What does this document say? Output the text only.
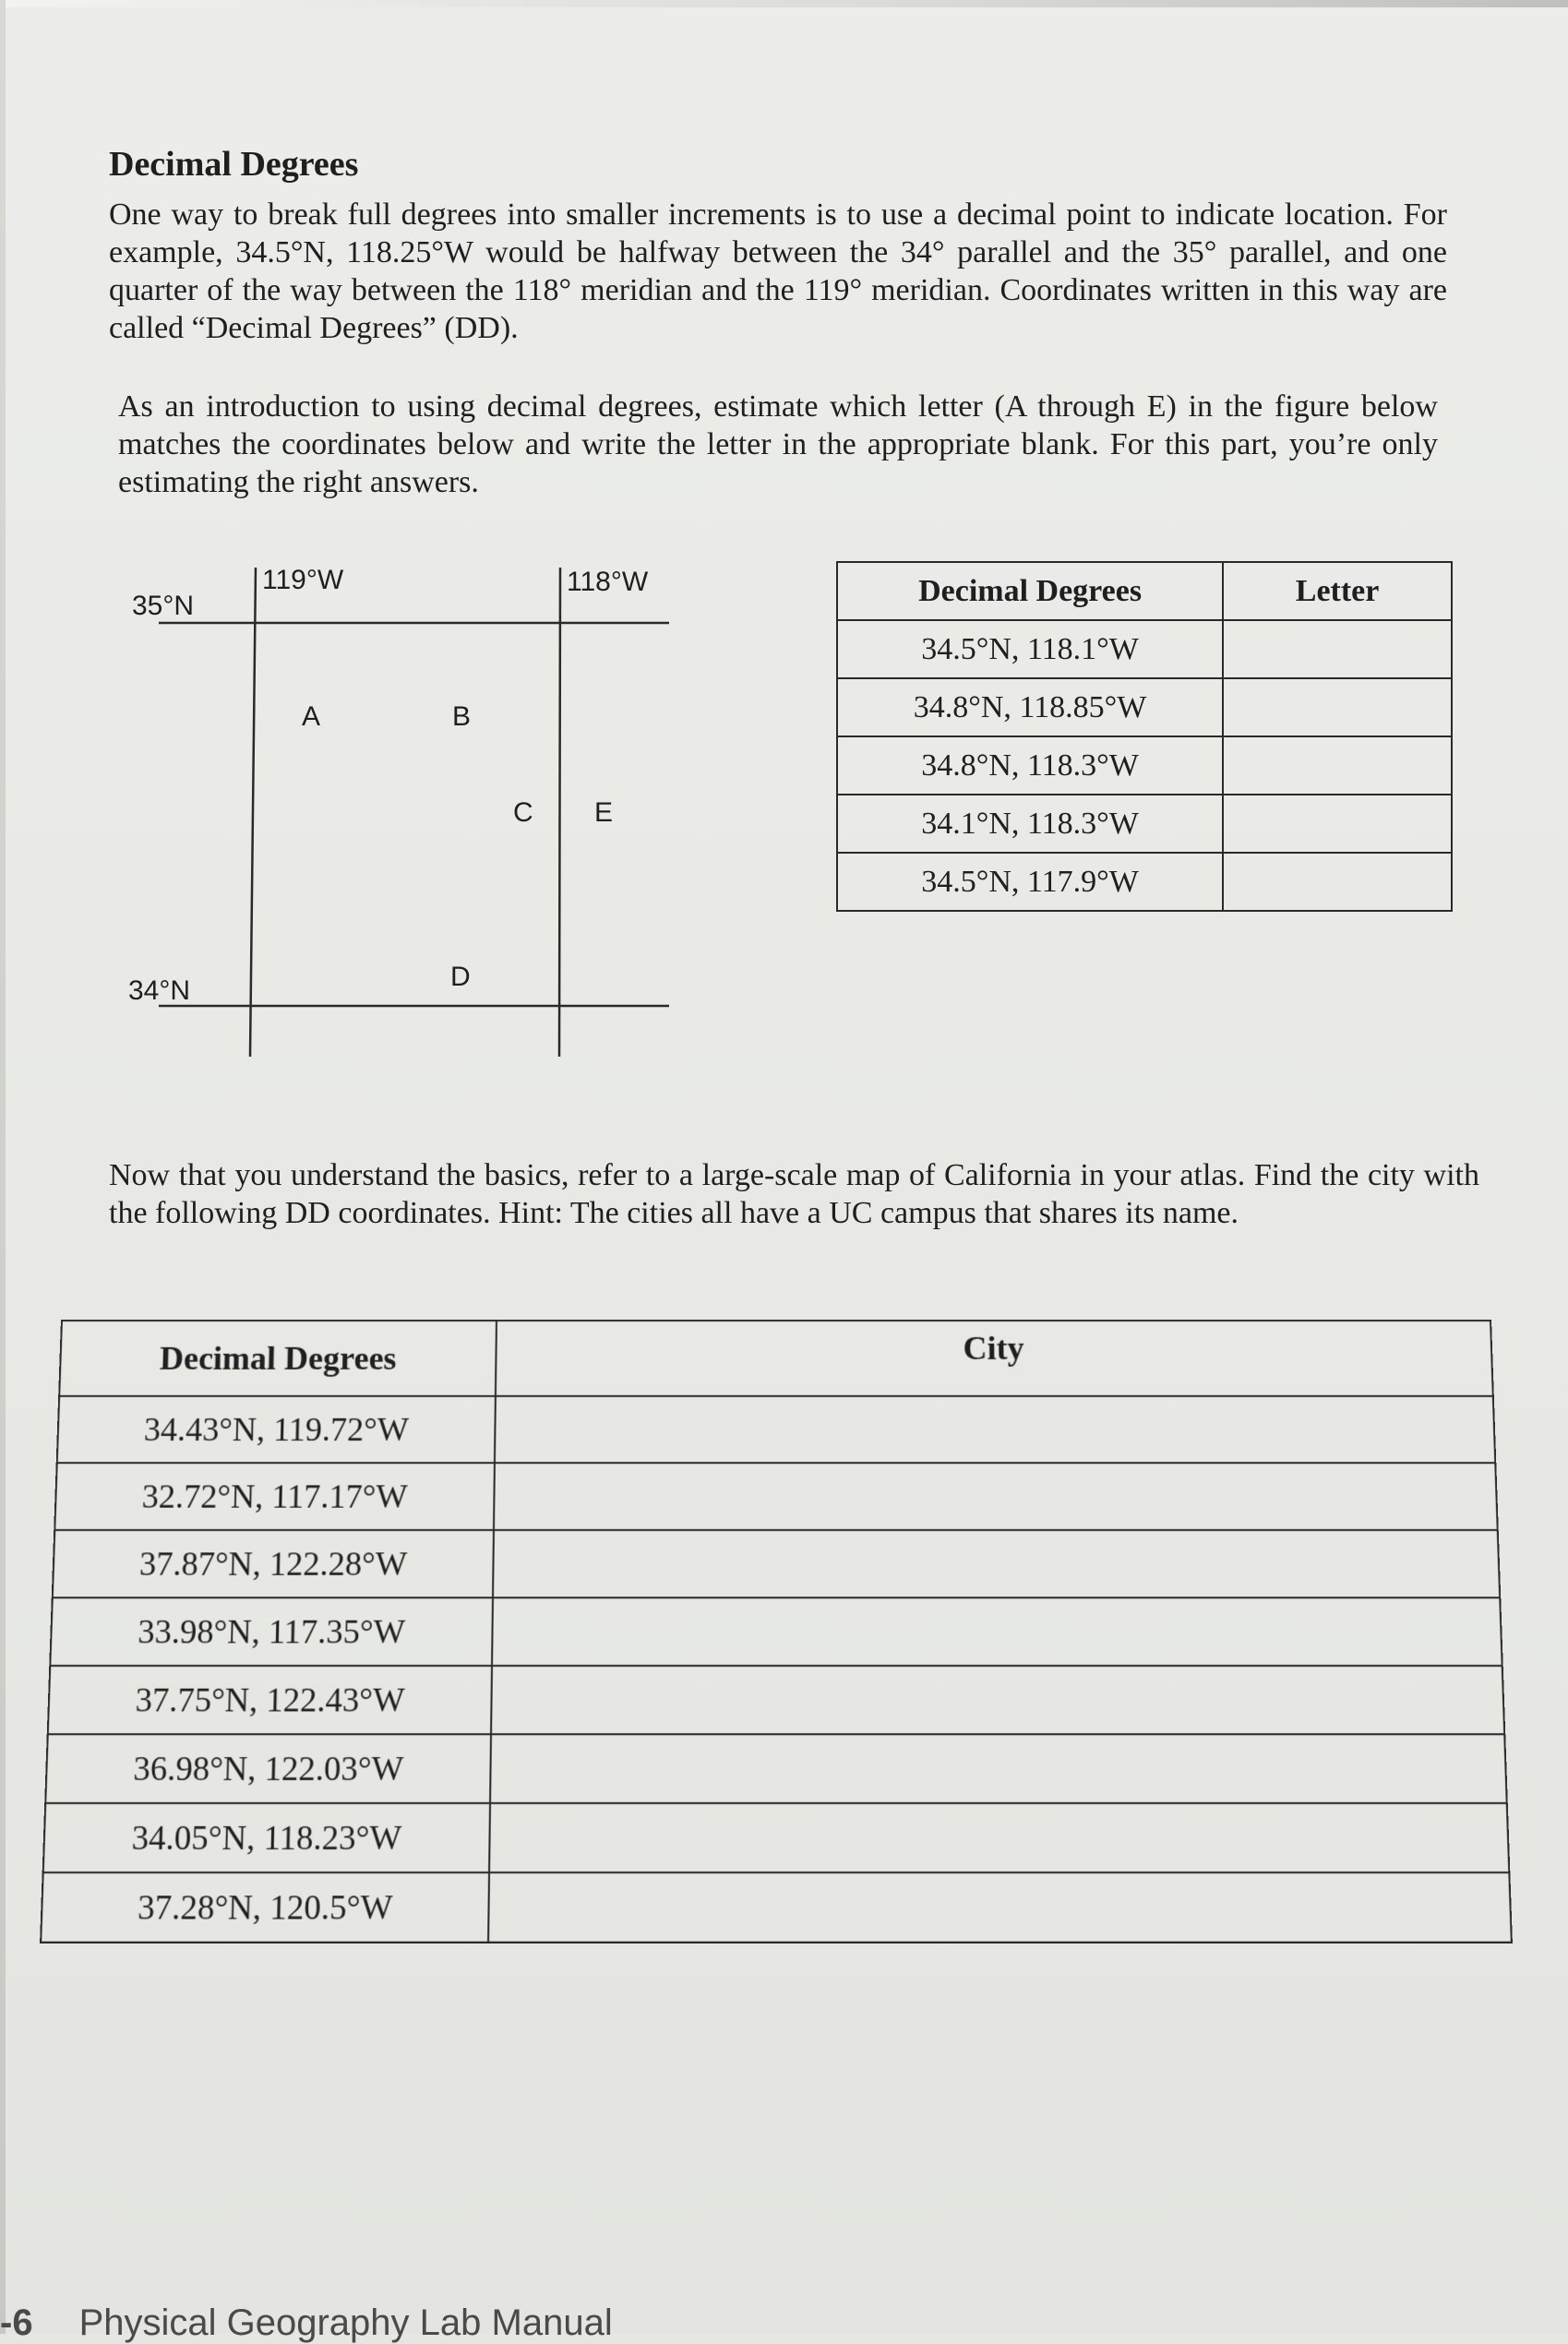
Decimal Degrees

One way to break full degrees into smaller increments is to use a decimal point to indicate location. For example, 34.5°N, 118.25°W would be halfway between the 34° parallel and the 35° parallel, and one quarter of the way between the 118° meridian and the 119° meridian. Coordinates written in this way are called “Decimal Degrees” (DD).

As an introduction to using decimal degrees, estimate which letter (A through E) in the figure below matches the coordinates below and write the letter in the appropriate blank. For this part, you’re only estimating the right answers.

35°N
34°N
119°W	118°W
A	B
C E
D
Decimal Degrees	Letter
34.5°N, 118.1°W	
34.8°N, 118.85°W	
34.8°N, 118.3°W	
34.1°N, 118.3°W	
34.5°N, 117.9°W	

Now that you understand the basics, refer to a large-scale map of California in your atlas. Find the city with the following DD coordinates. Hint: The cities all have a UC campus that shares its name.

Decimal Degrees	City
34.43°N, 119.72°W	
32.72°N, 117.17°W	
37.87°N, 122.28°W	
33.98°N, 117.35°W	
37.75°N, 122.43°W	
36.98°N, 122.03°W	
34.05°N, 118.23°W	
37.28°N, 120.5°W	
-6 Physical Geography Lab Manual
